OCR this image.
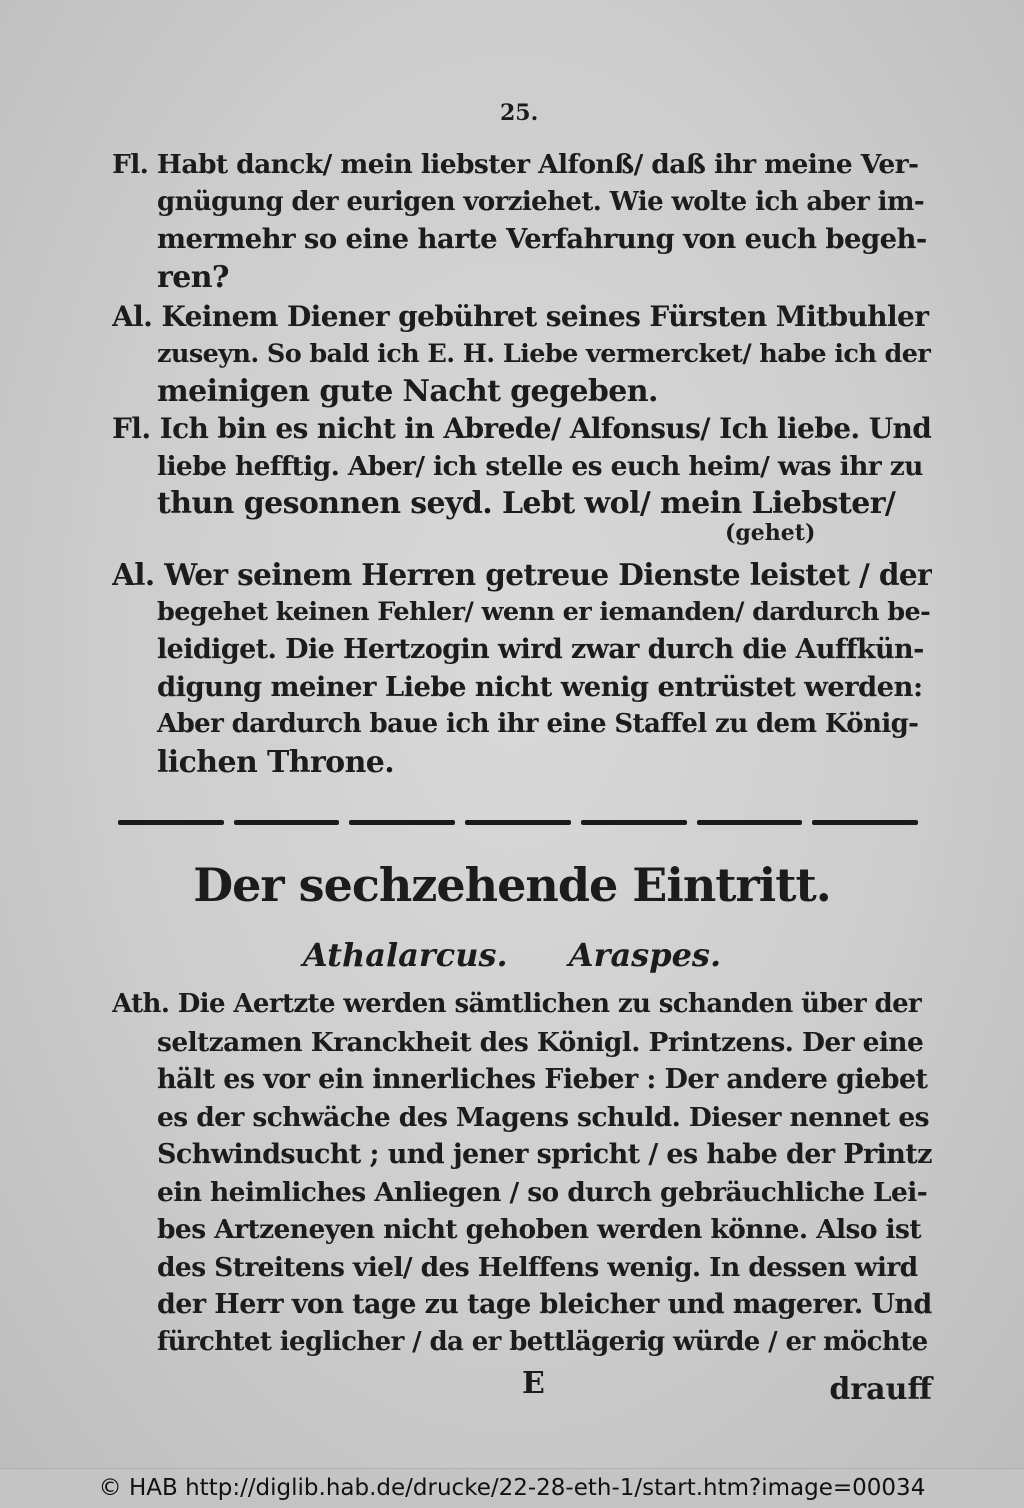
25.
Fl. Habt danck/ mein liebster Alfonß/ daß ihr meine Ver-
gnügung der eurigen vorziehet. Wie wolte ich aber im-
mermehr so eine harte Verfahrung von euch begeh-
ren?
Al. Keinem Diener gebühret seines Fürsten Mitbuhler
zuseyn. So bald ich E. H. Liebe vermercket/ habe ich der
meinigen gute Nacht gegeben.
Fl. Ich bin es nicht in Abrede/ Alfonsus/ Ich liebe. Und
liebe hefftig. Aber/ ich stelle es euch heim/ was ihr zu
thun gesonnen seyd. Lebt wol/ mein Liebster/
(gehet)
Al. Wer seinem Herren getreue Dienste leistet / der
begehet keinen Fehler/ wenn er iemanden/ dardurch be-
leidiget. Die Hertzogin wird zwar durch die Auffkün-
digung meiner Liebe nicht wenig entrüstet werden:
Aber dardurch baue ich ihr eine Staffel zu dem König-
lichen Throne.
Der sechzehende Eintritt.
Athalarcus. Araspes.
Ath. Die Aertzte werden sämtlichen zu schanden über der
seltzamen Kranckheit des Königl. Printzens. Der eine
hält es vor ein innerliches Fieber : Der andere giebet
es der schwäche des Magens schuld. Dieser nennet es
Schwindsucht ; und jener spricht / es habe der Printz
ein heimliches Anliegen / so durch gebräuchliche Lei-
bes Artzeneyen nicht gehoben werden könne. Also ist
des Streitens viel/ des Helffens wenig. In dessen wird
der Herr von tage zu tage bleicher und magerer. Und
fürchtet ieglicher / da er bettlägerig würde / er möchte
E	drauff
© HAB http://diglib.hab.de/drucke/22-28-eth-1/start.htm?image=00034
